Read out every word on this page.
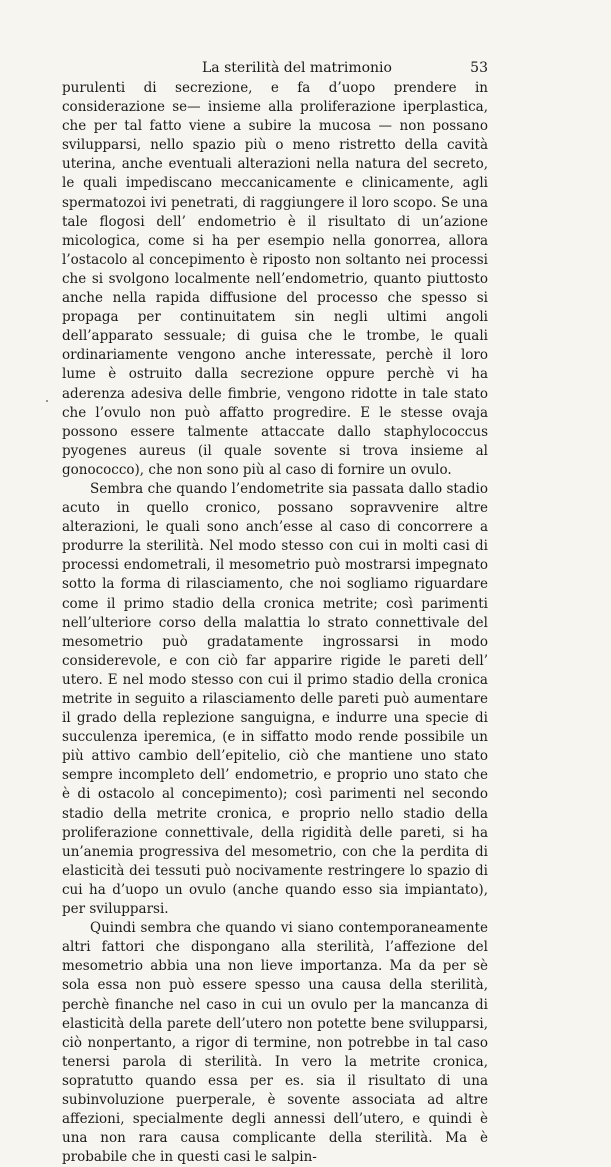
La sterilità del matrimonio	53

purulenti di secrezione, e fa d’uopo prendere in considerazione se— insieme alla proliferazione iperplastica, che per tal fatto viene a subire la mucosa — non possano svilupparsi, nello spazio più o meno ristretto della cavità uterina, anche eventuali alterazioni nella natura del secreto, le quali impediscano meccanicamente e clinicamente, agli spermatozoi ivi penetrati, di raggiungere il loro scopo. Se una tale flogosi dell’ endometrio è il risultato di un’azione micologica, come si ha per esempio nella gonorrea, allora l’ostacolo al concepimento è riposto non soltanto nei processi che si svolgono localmente nell’endometrio, quanto piuttosto anche nella rapida diffusione del processo che spesso si propaga per continuitatem sin negli ultimi angoli dell’apparato sessuale; di guisa che le trombe, le quali ordinariamente vengono anche interessate, perchè il loro lume è ostruito dalla secrezione oppure perchè vi ha aderenza adesiva delle fimbrie, vengono ridotte in tale stato che l’ovulo non può affatto progredire. E le stesse ovaja possono essere talmente attaccate dallo staphylococcus pyogenes aureus (il quale sovente si trova insieme al gonococco), che non sono più al caso di fornire un ovulo.

Sembra che quando l’endometrite sia passata dallo stadio acuto in quello cronico, possano sopravvenire altre alterazioni, le quali sono anch’esse al caso di concorrere a produrre la sterilità. Nel modo stesso con cui in molti casi di processi endometrali, il mesometrio può mostrarsi impegnato sotto la forma di rilasciamento, che noi sogliamo riguardare come il primo stadio della cronica metrite; così parimenti nell’ulteriore corso della malattia lo strato connettivale del mesometrio può gradatamente ingrossarsi in modo considerevole, e con ciò far apparire rigide le pareti dell’ utero. E nel modo stesso con cui il primo stadio della cronica metrite in seguito a rilasciamento delle pareti può aumentare il grado della replezione sanguigna, e indurre una specie di succulenza iperemica, (e in siffatto modo rende possibile un più attivo cambio dell’epitelio, ciò che mantiene uno stato sempre incompleto dell’ endometrio, e proprio uno stato che è di ostacolo al concepimento); così parimenti nel secondo stadio della metrite cronica, e proprio nello stadio della proliferazione connettivale, della rigidità delle pareti, si ha un’anemia progressiva del mesometrio, con che la perdita di elasticità dei tessuti può nocivamente restringere lo spazio di cui ha d’uopo un ovulo (anche quando esso sia impiantato), per svilupparsi.

Quindi sembra che quando vi siano contemporaneamente altri fattori che dispongano alla sterilità, l’affezione del mesometrio abbia una non lieve importanza. Ma da per sè sola essa non può essere spesso una causa della sterilità, perchè finanche nel caso in cui un ovulo per la mancanza di elasticità della parete dell’utero non potette bene svilupparsi, ciò nonpertanto, a rigor di termine, non potrebbe in tal caso tenersi parola di sterilità. In vero la metrite cronica, sopratutto quando essa per es. sia il risultato di una subinvoluzione puerperale, è sovente associata ad altre affezioni, specialmente degli annessi dell’utero, e quindi è una non rara causa complicante della sterilità. Ma è probabile che in questi casi le salpin-
